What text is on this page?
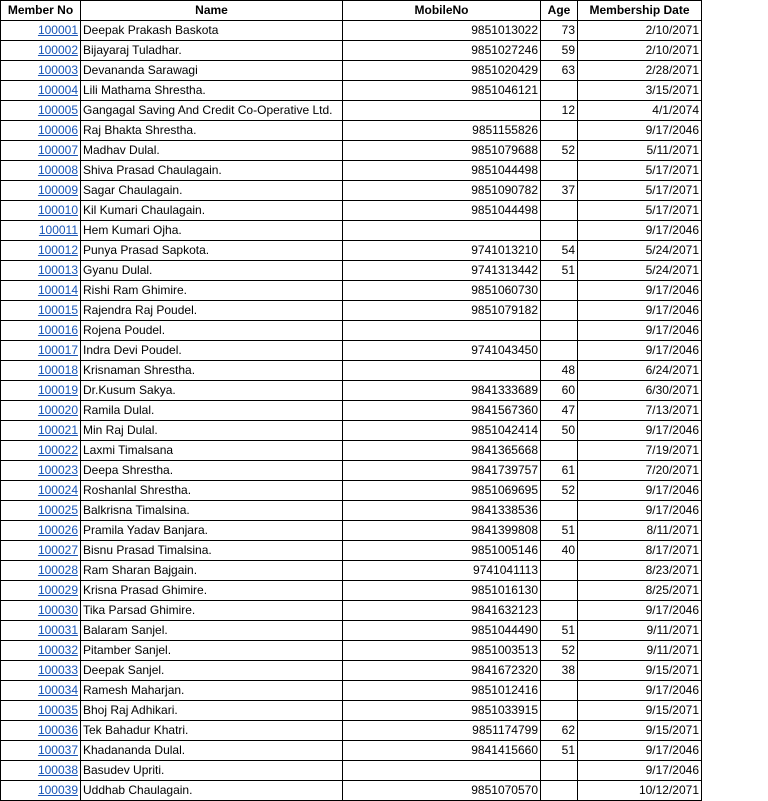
Member No	Name	MobileNo	Age	Membership Date
100001	Deepak Prakash Baskota	9851013022	73	2/10/2071
100002	Bijayaraj Tuladhar.	9851027246	59	2/10/2071
100003	Devananda Sarawagi	9851020429	63	2/28/2071
100004	Lili Mathama Shrestha.	9851046121		3/15/2071
100005	Gangagal Saving And Credit Co-Operative Ltd.		12	4/1/2074
100006	Raj Bhakta Shrestha.	9851155826		9/17/2046
100007	Madhav Dulal.	9851079688	52	5/11/2071
100008	Shiva Prasad Chaulagain.	9851044498		5/17/2071
100009	Sagar Chaulagain.	9851090782	37	5/17/2071
100010	Kil Kumari Chaulagain.	9851044498		5/17/2071
100011	Hem Kumari Ojha.			9/17/2046
100012	Punya Prasad Sapkota.	9741013210	54	5/24/2071
100013	Gyanu Dulal.	9741313442	51	5/24/2071
100014	Rishi Ram Ghimire.	9851060730		9/17/2046
100015	Rajendra Raj Poudel.	9851079182		9/17/2046
100016	Rojena Poudel.			9/17/2046
100017	Indra Devi Poudel.	9741043450		9/17/2046
100018	Krisnaman Shrestha.		48	6/24/2071
100019	Dr.Kusum Sakya.	9841333689	60	6/30/2071
100020	Ramila Dulal.	9841567360	47	7/13/2071
100021	Min Raj Dulal.	9851042414	50	9/17/2046
100022	Laxmi Timalsana	9841365668		7/19/2071
100023	Deepa Shrestha.	9841739757	61	7/20/2071
100024	Roshanlal Shrestha.	9851069695	52	9/17/2046
100025	Balkrisna Timalsina.	9841338536		9/17/2046
100026	Pramila Yadav Banjara.	9841399808	51	8/11/2071
100027	Bisnu Prasad Timalsina.	9851005146	40	8/17/2071
100028	Ram Sharan Bajgain.	9741041113		8/23/2071
100029	Krisna Prasad Ghimire.	9851016130		8/25/2071
100030	Tika Parsad Ghimire.	9841632123		9/17/2046
100031	Balaram Sanjel.	9851044490	51	9/11/2071
100032	Pitamber Sanjel.	9851003513	52	9/11/2071
100033	Deepak Sanjel.	9841672320	38	9/15/2071
100034	Ramesh Maharjan.	9851012416		9/17/2046
100035	Bhoj Raj Adhikari.	9851033915		9/15/2071
100036	Tek Bahadur Khatri.	9851174799	62	9/15/2071
100037	Khadananda Dulal.	9841415660	51	9/17/2046
100038	Basudev Upriti.			9/17/2046
100039	Uddhab Chaulagain.	9851070570		10/12/2071
